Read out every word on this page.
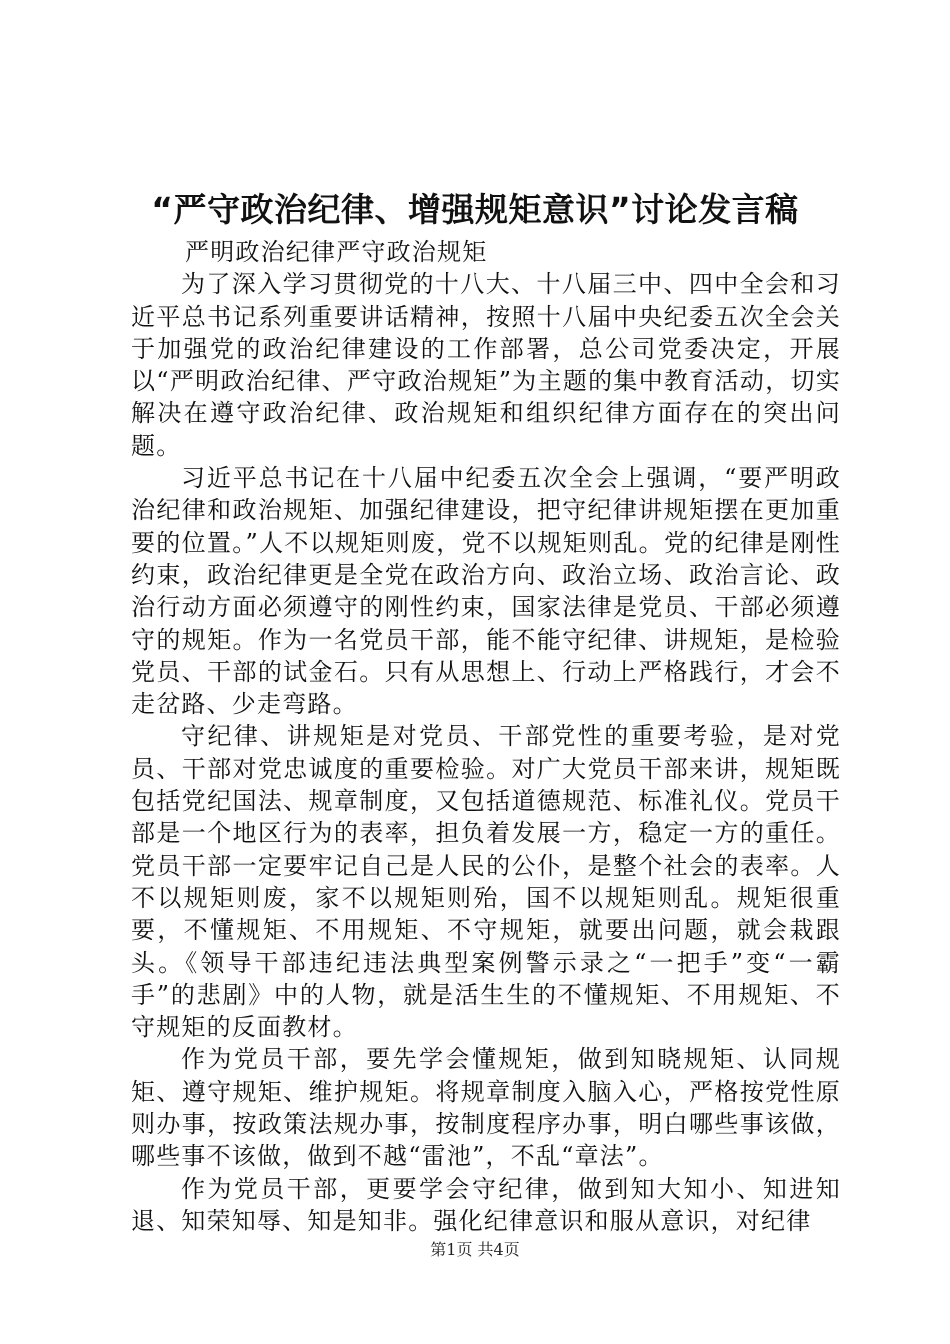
“严守政治纪律、增强规矩意识”讨论发言稿

严明政治纪律严守政治规矩

为了深入学习贯彻党的十八大、十八届三中、四中全会和习近平总书记系列重要讲话精神，按照十八届中央纪委五次全会关于加强党的政治纪律建设的工作部署，总公司党委决定，开展以“严明政治纪律、严守政治规矩”为主题的集中教育活动，切实解决在遵守政治纪律、政治规矩和组织纪律方面存在的突出问题。

习近平总书记在十八届中纪委五次全会上强调，“要严明政治纪律和政治规矩、加强纪律建设，把守纪律讲规矩摆在更加重要的位置。”人不以规矩则废，党不以规矩则乱。党的纪律是刚性约束，政治纪律更是全党在政治方向、政治立场、政治言论、政治行动方面必须遵守的刚性约束，国家法律是党员、干部必须遵守的规矩。作为一名党员干部，能不能守纪律、讲规矩，是检验党员、干部的试金石。只有从思想上、行动上严格践行，才会不走岔路、少走弯路。

守纪律、讲规矩是对党员、干部党性的重要考验，是对党员、干部对党忠诚度的重要检验。对广大党员干部来讲，规矩既包括党纪国法、规章制度，又包括道德规范、标准礼仪。党员干部是一个地区行为的表率，担负着发展一方，稳定一方的重任。党员干部一定要牢记自己是人民的公仆，是整个社会的表率。人不以规矩则废，家不以规矩则殆，国不以规矩则乱。规矩很重要，不懂规矩、不用规矩、不守规矩，就要出问题，就会栽跟头。《领导干部违纪违法典型案例警示录之“一把手”变“一霸手”的悲剧》中的人物，就是活生生的不懂规矩、不用规矩、不守规矩的反面教材。

作为党员干部，要先学会懂规矩，做到知晓规矩、认同规矩、遵守规矩、维护规矩。将规章制度入脑入心，严格按党性原则办事，按政策法规办事，按制度程序办事，明白哪些事该做，哪些事不该做，做到不越“雷池”，不乱“章法”。

作为党员干部，更要学会守纪律，做到知大知小、知进知退、知荣知辱、知是知非。强化纪律意识和服从意识，对纪律

第1页 共4页
